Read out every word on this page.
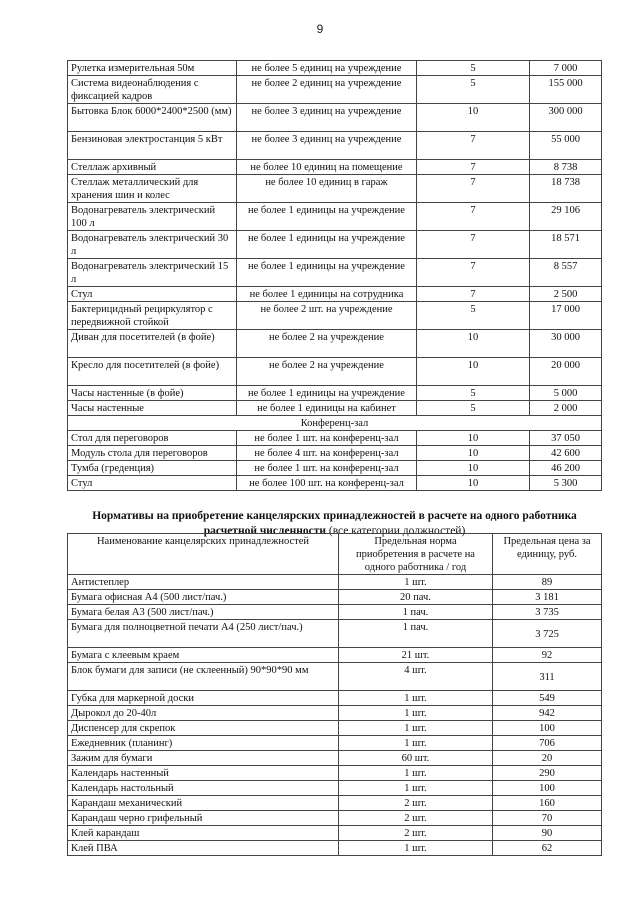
9
Рулетка измерительная 50м	не более 5 единиц на учреждение	5	7 000
Система видеонаблюдения с фиксацией кадров	не более 2 единиц на учреждение	5	155 000
Бытовка Блок 6000*2400*2500 (мм)	не более 3 единиц на учреждение	10	300 000
Бензиновая электростанция 5 кВт	не более 3 единиц на учреждение	7	55 000
Стеллаж архивный	не более 10 единиц на помещение	7	8 738
Стеллаж металлический для хранения шин и колес	не более 10 единиц в гараж	7	18 738
Водонагреватель электрический 100 л	не более 1 единицы на учреждение	7	29 106
Водонагреватель электрический 30 л	не более 1 единицы на учреждение	7	18 571
Водонагреватель электрический 15 л	не более 1 единицы на учреждение	7	8 557
Стул	не более 1 единицы на сотрудника	7	2 500
Бактерицидный рециркулятор с передвижной стойкой	не более 2 шт. на учреждение	5	17 000
Диван для посетителей (в фойе)	не более 2 на учреждение	10	30 000
Кресло для посетителей (в фойе)	не более 2 на учреждение	10	20 000
Часы настенные (в фойе)	не более 1 единицы на учреждение	5	5 000
Часы настенные	не более 1 единицы на кабинет	5	2 000
Конференц-зал			
Стол для переговоров	не более 1 шт. на конференц-зал	10	37 050
Модуль стола для переговоров	не более 4 шт. на конференц-зал	10	42 600
Тумба (греденция)	не более 1 шт. на конференц-зал	10	46 200
Стул	не более 100 шт. на конференц-зал	10	5 300
Нормативы на приобретение канцелярских принадлежностей в расчете на одного работника расчетной численности (все категории должностей)
Наименование канцелярских принадлежностей	Предельная норма приобретения в расчете на одного работника / год	Предельная цена за единицу, руб.
Антистеплер	1 шт.	89
Бумага офисная А4 (500 лист/пач.)	20 пач.	3 181
Бумага белая А3 (500 лист/пач.)	1 пач.	3 735
Бумага для полноцветной печати А4 (250 лист/пач.)	1 пач.	3 725
Бумага с клеевым краем	21 шт.	92
Блок бумаги для записи (не склеенный) 90*90*90 мм	4 шт.	311
Губка для маркерной доски	1 шт.	549
Дырокол до 20-40л	1 шт.	942
Диспенсер для скрепок	1 шт.	100
Ежедневник (планинг)	1 шт.	706
Зажим для бумаги	60 шт.	20
Календарь настенный	1 шт.	290
Календарь настольный	1 шт.	100
Карандаш механический	2 шт.	160
Карандаш черно грифельный	2 шт.	70
Клей карандаш	2 шт.	90
Клей ПВА	1 шт.	62
